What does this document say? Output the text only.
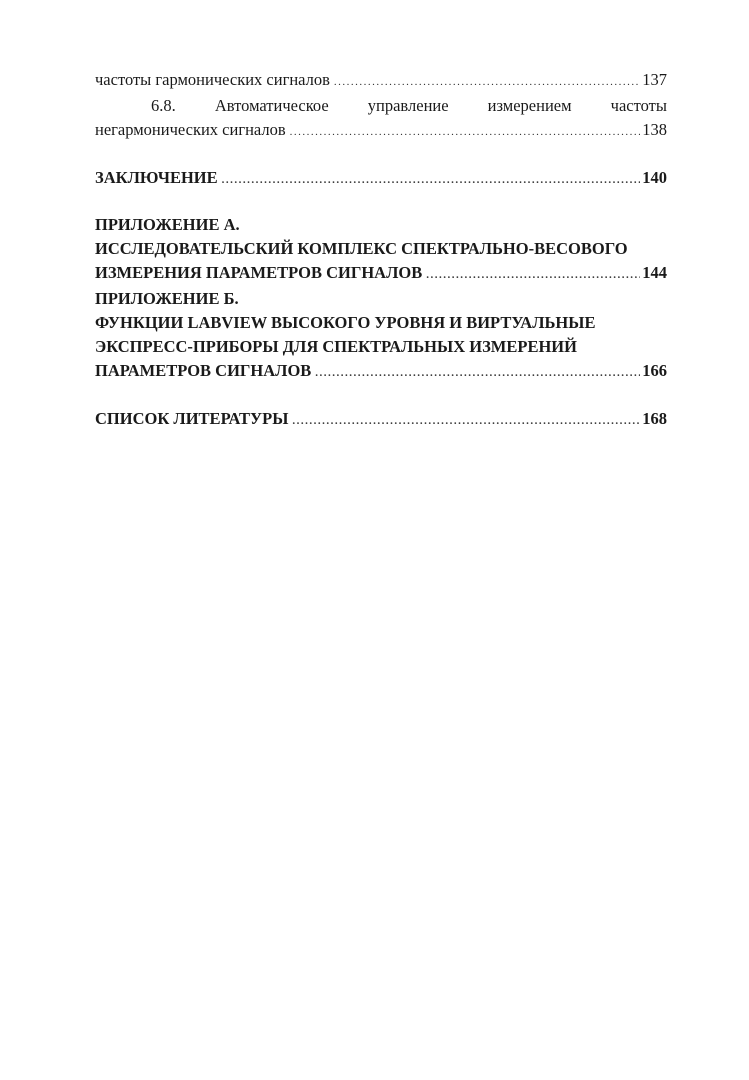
частоты гармонических сигналов .....	137
6.8. Автоматическое управление измерением частоты
негармонических сигналов .....	138
ЗАКЛЮЧЕНИЕ .....	140
ПРИЛОЖЕНИЕ А.
ИССЛЕДОВАТЕЛЬСКИЙ КОМПЛЕКС СПЕКТРАЛЬНО-ВЕСОВОГО
ИЗМЕРЕНИЯ ПАРАМЕТРОВ СИГНАЛОВ .....	144
ПРИЛОЖЕНИЕ Б.
ФУНКЦИИ LABVIEW ВЫСОКОГО УРОВНЯ И ВИРТУАЛЬНЫЕ
ЭКСПРЕСС-ПРИБОРЫ ДЛЯ СПЕКТРАЛЬНЫХ ИЗМЕРЕНИЙ
ПАРАМЕТРОВ СИГНАЛОВ .....	166
СПИСОК ЛИТЕРАТУРЫ .....	168
